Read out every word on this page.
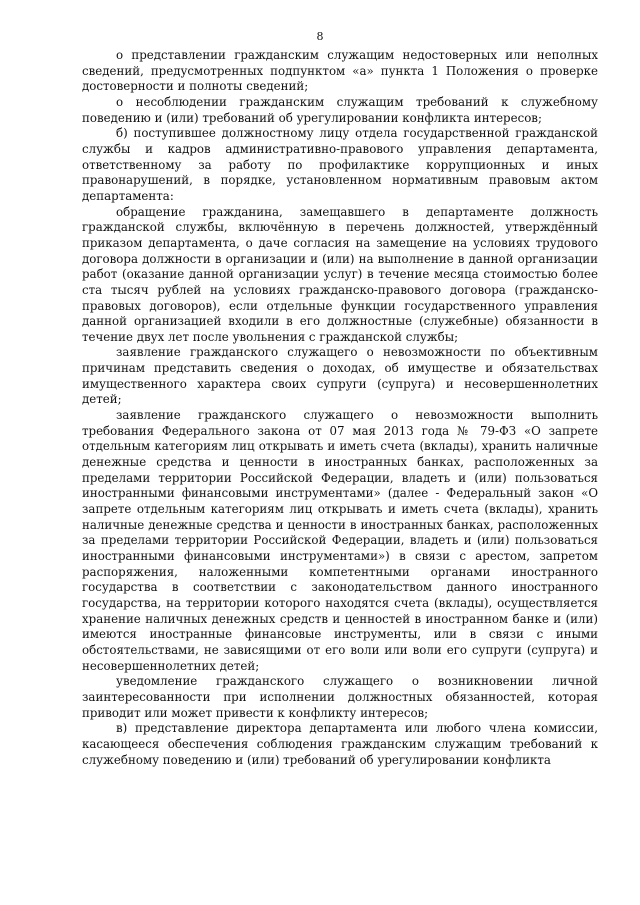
8

о представлении гражданским служащим недостоверных или неполных сведений, предусмотренных подпунктом «а» пункта 1 Положения о проверке достоверности и полноты сведений;

о несоблюдении гражданским служащим требований к служебному поведению и (или) требований об урегулировании конфликта интересов;

б) поступившее должностному лицу отдела государственной гражданской службы и кадров административно-правового управления департамента, ответственному за работу по профилактике коррупционных и иных правонарушений, в порядке, установленном нормативным правовым актом департамента:

обращение гражданина, замещавшего в департаменте должность гражданской службы, включённую в перечень должностей, утверждённый приказом департамента, о даче согласия на замещение на условиях трудового договора должности в организации и (или) на выполнение в данной организации работ (оказание данной организации услуг) в течение месяца стоимостью более ста тысяч рублей на условиях гражданско-правового договора (гражданско-правовых договоров), если отдельные функции государственного управления данной организацией входили в его должностные (служебные) обязанности в течение двух лет после увольнения с гражданской службы;

заявление гражданского служащего о невозможности по объективным причинам представить сведения о доходах, об имуществе и обязательствах имущественного характера своих супруги (супруга) и несовершеннолетних детей;

заявление гражданского служащего о невозможности выполнить требования Федерального закона от 07 мая 2013 года № 79-ФЗ «О запрете отдельным категориям лиц открывать и иметь счета (вклады), хранить наличные денежные средства и ценности в иностранных банках, расположенных за пределами территории Российской Федерации, владеть и (или) пользоваться иностранными финансовыми инструментами» (далее - Федеральный закон «О запрете отдельным категориям лиц открывать и иметь счета (вклады), хранить наличные денежные средства и ценности в иностранных банках, расположенных за пределами территории Российской Федерации, владеть и (или) пользоваться иностранными финансовыми инструментами») в связи с арестом, запретом распоряжения, наложенными компетентными органами иностранного государства в соответствии с законодательством данного иностранного государства, на территории которого находятся счета (вклады), осуществляется хранение наличных денежных средств и ценностей в иностранном банке и (или) имеются иностранные финансовые инструменты, или в связи с иными обстоятельствами, не зависящими от его воли или воли его супруги (супруга) и несовершеннолетних детей;

уведомление гражданского служащего о возникновении личной заинтересованности при исполнении должностных обязанностей, которая приводит или может привести к конфликту интересов;

в) представление директора департамента или любого члена комиссии, касающееся обеспечения соблюдения гражданским служащим требований к служебному поведению и (или) требований об урегулировании конфликта
